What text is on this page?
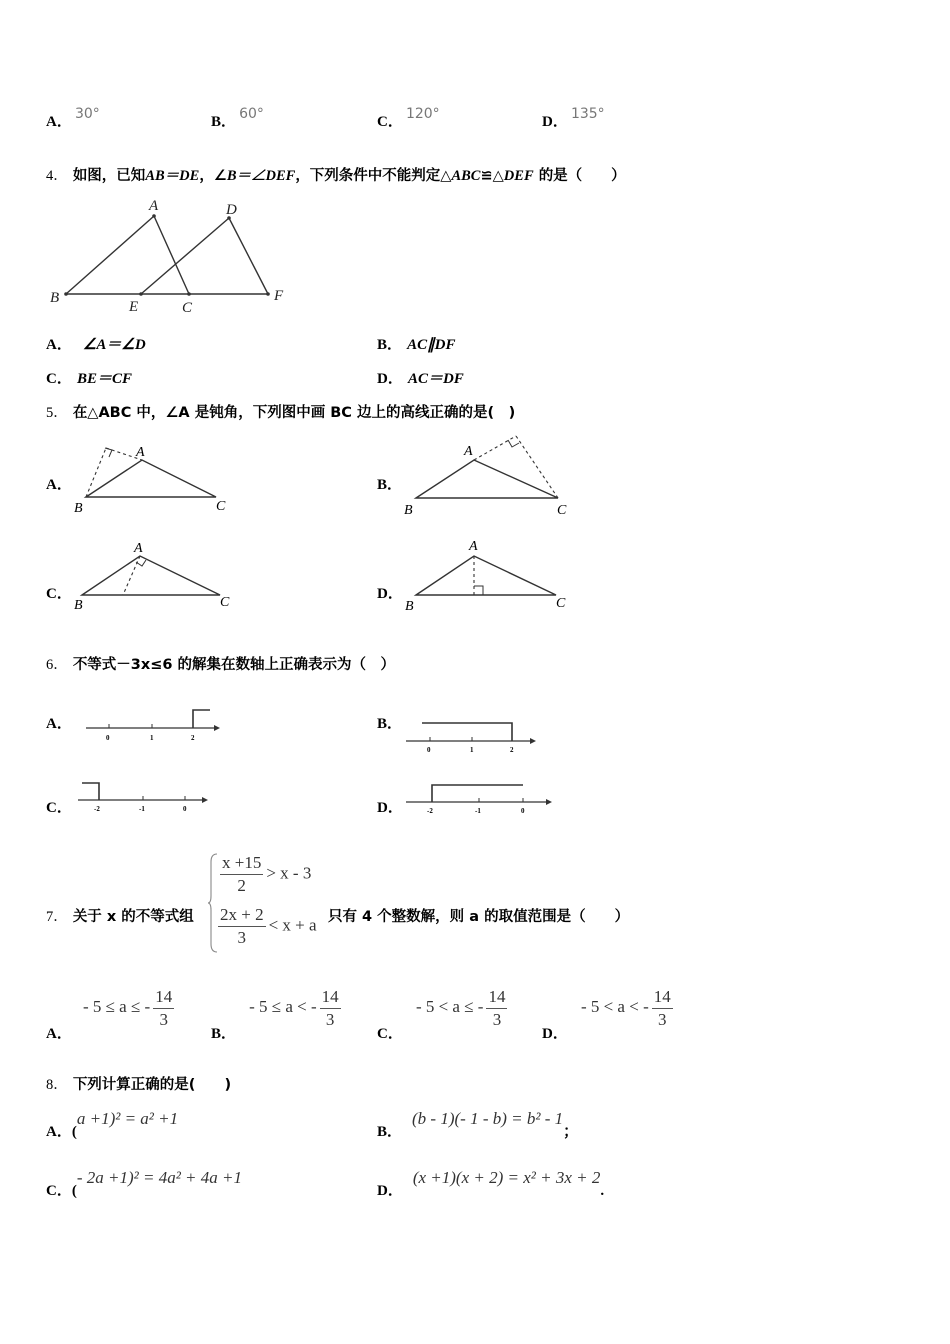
A． 30°	B． 60°	C． 120°	D． 135°
4． 如图，已知AB＝DE，∠B＝∠DEF，下列条件中不能判定△ABC≌△DEF 的是（　　）
A	D
B
E	C
F
A． ∠A＝∠D	B． AC∥DF
C． BE＝CF	D． AC＝DF
5． 在△ABC 中，∠A 是钝角，下列图中画 BC 边上的高线正确的是(　)
A．
A
B	C
B．
A
B	C
C．
A
B	C
D．
A
B	C
6． 不等式－3x≤6 的解集在数轴上正确表示为（　）
A．
0	1	2
B．
0	1	2
C．	-2	-1	0	D．	-2	-1	0
7． 关于 x 的不等式组
$\frac{x +15}{2} > x - 3$
$\frac{2x + 2}{3} < x + a$ 只有 4 个整数解，则 a 的取值范围是（　　）
A． - 5 ≤ a ≤ - $\frac{14}{3}$
B． - 5 ≤ a < - $\frac{14}{3}$
C． - 5 < a ≤ - $\frac{14}{3}$
D． - 5 < a < - $\frac{14}{3}$
8． 下列计算正确的是(　　)
A．(a +1)² = a² +1
B．(b - 1)(- 1 - b) = b² - 1；
C．(- 2a +1)² = 4a² + 4a +1
D．(x +1)(x + 2) = x² + 3x + 2.
